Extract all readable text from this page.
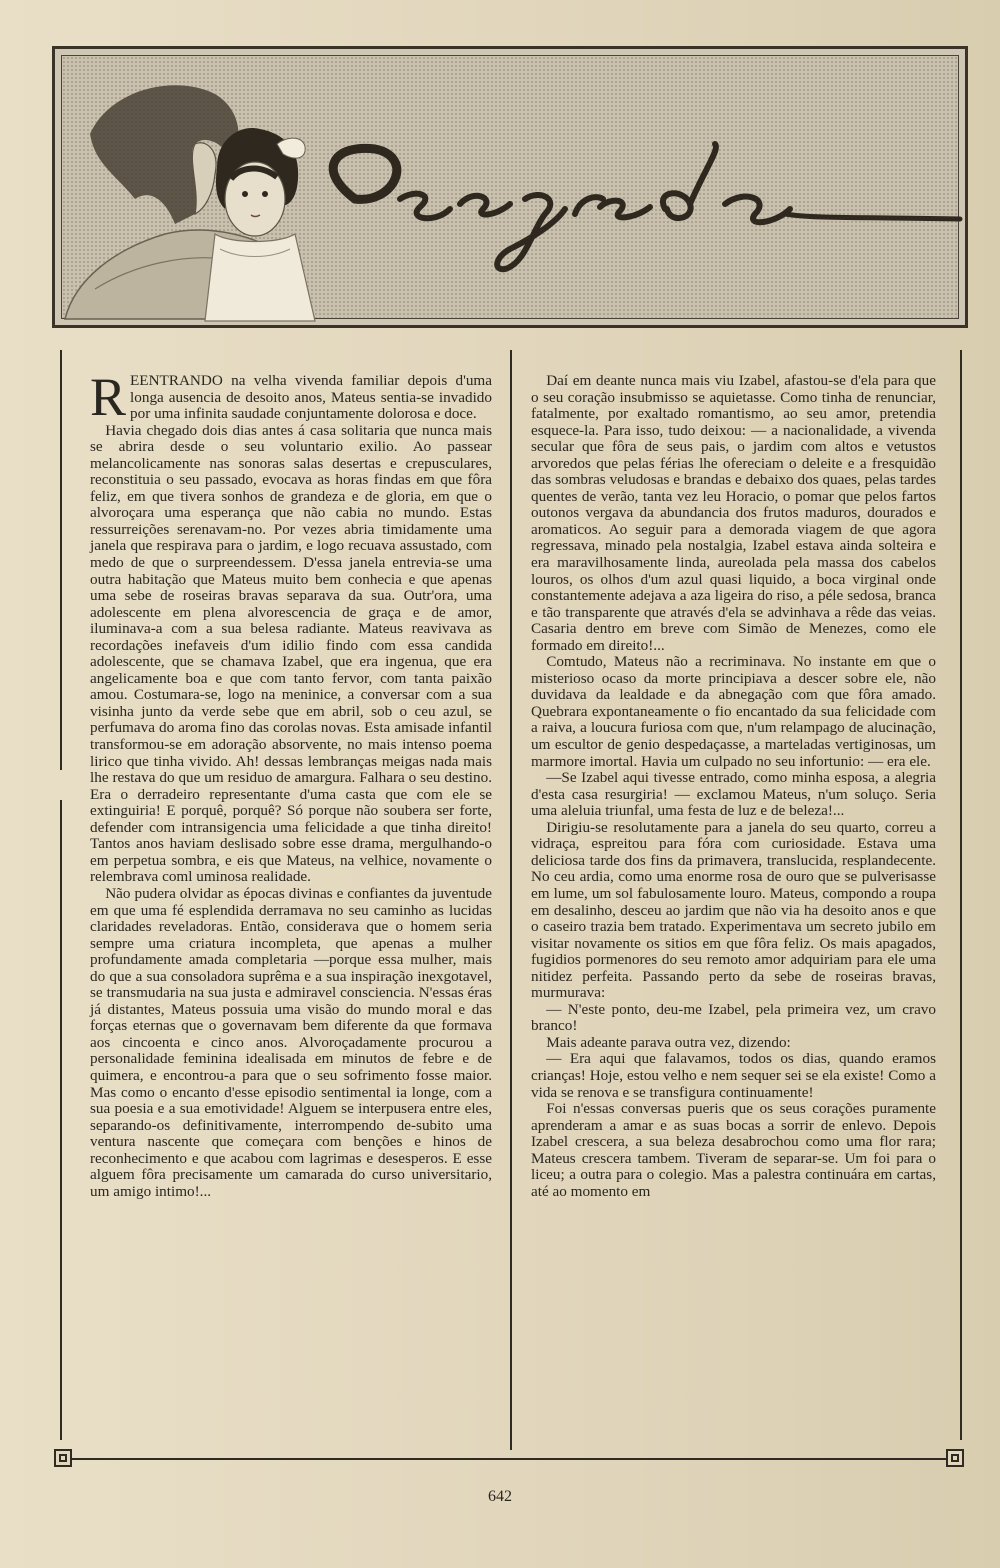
REENTRANDO na velha vivenda familiar depois d'uma longa ausencia de desoito anos, Mateus sentia-se invadido por uma infinita saudade conjuntamente dolorosa e doce.

Havia chegado dois dias antes á casa solitaria que nunca mais se abrira desde o seu voluntario exilio. Ao passear melancolicamente nas sonoras salas desertas e crepusculares, reconstituia o seu passado, evocava as horas findas em que fôra feliz, em que tivera sonhos de grandeza e de gloria, em que o alvoroçara uma esperança que não cabia no mundo. Estas ressurreições serenavam-no. Por vezes abria timidamente uma janela que respirava para o jardim, e logo recuava assustado, com medo de que o surpreendessem. D'essa janela entrevia-se uma outra habitação que Mateus muito bem conhecia e que apenas uma sebe de roseiras bravas separava da sua. Outr'ora, uma adolescente em plena alvorescencia de graça e de amor, iluminava-a com a sua belesa radiante. Mateus reavivava as recordações inefaveis d'um idilio findo com essa candida adolescente, que se chamava Izabel, que era ingenua, que era angelicamente boa e que com tanto fervor, com tanta paixão amou. Costumara-se, logo na meninice, a conversar com a sua visinha junto da verde sebe que em abril, sob o ceu azul, se perfumava do aroma fino das corolas novas. Esta amisade infantil transformou-se em adoração absorvente, no mais intenso poema lirico que tinha vivido. Ah! dessas lembranças meigas nada mais lhe restava do que um residuo de amargura. Falhara o seu destino. Era o derradeiro representante d'uma casta que com ele se extinguiria! E porquê, porquê? Só porque não soubera ser forte, defender com intransigencia uma felicidade a que tinha direito! Tantos anos haviam deslisado sobre esse drama, mergulhando-o em perpetua sombra, e eis que Mateus, na velhice, novamente o relembrava coml uminosa realidade.

Não pudera olvidar as épocas divinas e confiantes da juventude em que uma fé esplendida derramava no seu caminho as lucidas claridades reveladoras. Então, considerava que o homem seria sempre uma criatura incompleta, que apenas a mulher profundamente amada completaria —porque essa mulher, mais do que a sua consoladora suprêma e a sua inspiração inexgotavel, se transmudaria na sua justa e admiravel consciencia. N'essas éras já distantes, Mateus possuia uma visão do mundo moral e das forças eternas que o governavam bem diferente da que formava aos cincoenta e cinco anos. Alvoroçadamente procurou a personalidade feminina idealisada em minutos de febre e de quimera, e encontrou-a para que o seu sofrimento fosse maior. Mas como o encanto d'esse episodio sentimental ia longe, com a sua poesia e a sua emotividade! Alguem se interpusera entre eles, separando-os definitivamente, interrompendo de-subito uma ventura nascente que começara com benções e hinos de reconhecimento e que acabou com lagrimas e desesperos. E esse alguem fôra precisamente um camarada do curso universitario, um amigo intimo!...

Daí em deante nunca mais viu Izabel, afastou-se d'ela para que o seu coração insubmisso se aquietasse. Como tinha de renunciar, fatalmente, por exaltado romantismo, ao seu amor, pretendia esquece-la. Para isso, tudo deixou: — a nacionalidade, a vivenda secular que fôra de seus pais, o jardim com altos e vetustos arvoredos que pelas férias lhe ofereciam o deleite e a fresquidão das sombras veludosas e brandas e debaixo dos quaes, pelas tardes quentes de verão, tanta vez leu Horacio, o pomar que pelos fartos outonos vergava da abundancia dos frutos maduros, dourados e aromaticos. Ao seguir para a demorada viagem de que agora regressava, minado pela nostalgia, Izabel estava ainda solteira e era maravilhosamente linda, aureolada pela massa dos cabelos louros, os olhos d'um azul quasi liquido, a boca virginal onde constantemente adejava a aza ligeira do riso, a péle sedosa, branca e tão transparente que através d'ela se advinhava a rêde das veias. Casaria dentro em breve com Simão de Menezes, como ele formado em direito!...

Comtudo, Mateus não a recriminava. No instante em que o misterioso ocaso da morte principiava a descer sobre ele, não duvidava da lealdade e da abnegação com que fôra amado. Quebrara expontaneamente o fio encantado da sua felicidade com a raiva, a loucura furiosa com que, n'um relampago de alucinação, um escultor de genio despedaçasse, a marteladas vertiginosas, um marmore imortal. Havia um culpado no seu infortunio: — era ele.

—Se Izabel aqui tivesse entrado, como minha esposa, a alegria d'esta casa resurgiria! — exclamou Mateus, n'um soluço. Seria uma aleluia triunfal, uma festa de luz e de beleza!...

Dirigiu-se resolutamente para a janela do seu quarto, correu a vidraça, espreitou para fóra com curiosidade. Estava uma deliciosa tarde dos fins da primavera, translucida, resplandecente. No ceu ardia, como uma enorme rosa de ouro que se pulverisasse em lume, um sol fabulosamente louro. Mateus, compondo a roupa em desalinho, desceu ao jardim que não via ha desoito anos e que o caseiro trazia bem tratado. Experimentava um secreto jubilo em visitar novamente os sitios em que fôra feliz. Os mais apagados, fugidios pormenores do seu remoto amor adquiriam para ele uma nitidez perfeita. Passando perto da sebe de roseiras bravas, murmurava:

— N'este ponto, deu-me Izabel, pela primeira vez, um cravo branco!

Mais adeante parava outra vez, dizendo:

— Era aqui que falavamos, todos os dias, quando eramos crianças! Hoje, estou velho e nem sequer sei se ela existe! Como a vida se renova e se transfigura continuamente!

Foi n'essas conversas pueris que os seus corações puramente aprenderam a amar e as suas bocas a sorrir de enlevo. Depois Izabel crescera, a sua beleza desabrochou como uma flor rara; Mateus crescera tambem. Tiveram de separar-se. Um foi para o liceu; a outra para o colegio. Mas a palestra continuára em cartas, até ao momento em

642
